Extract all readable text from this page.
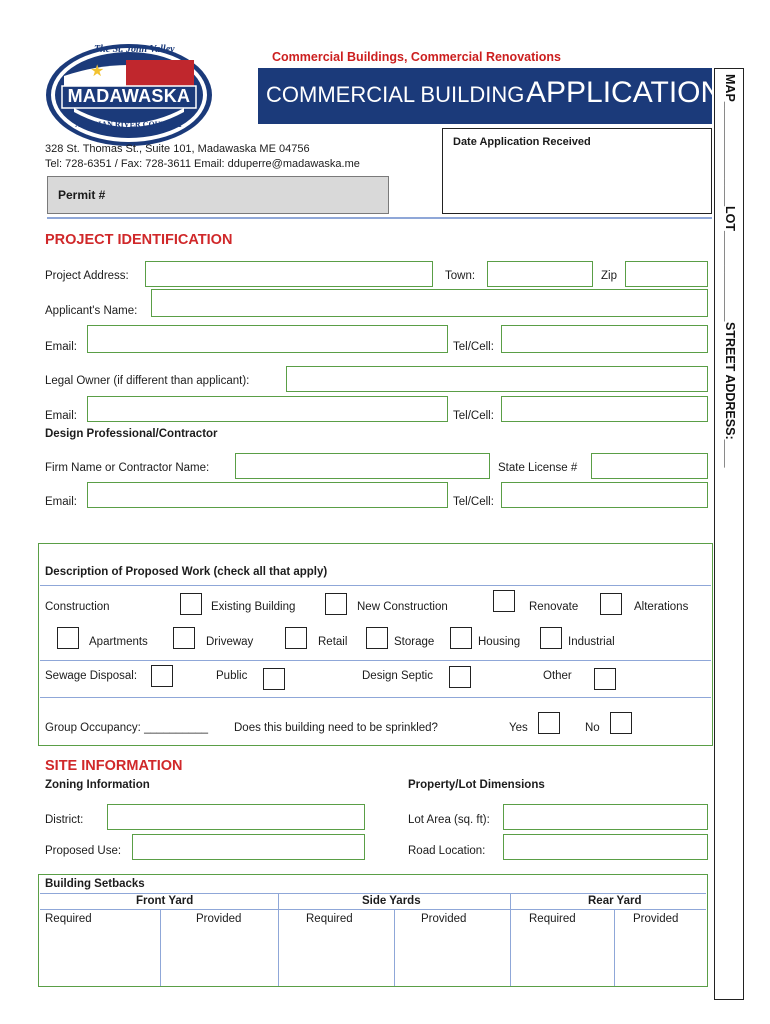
★
The St. John Valley
MADAWASKA
ACADIAN RIVER COUNTRY
Commercial Buildings, Commercial Renovations
COMMERCIAL BUILDING APPLICATION
328 St. Thomas St., Suite 101, Madawaska ME 04756
Tel: 728-6351 / Fax: 728-3611 Email: dduperre@madawaska.me
Date Application Received
Permit #	MAP_______________
LOT_____________
STREET ADDRESS:____
PROJECT IDENTIFICATION
Project Address:	Town:	Zip
Applicant's Name:
Email:	Tel/Cell:
Legal Owner (if different than applicant):
Email:	Tel/Cell:
Design Professional/Contractor
Firm Name or Contractor Name:	State License #
Email:	Tel/Cell:
Description of Proposed Work (check all that apply)
Construction	Existing Building	New Construction	Renovate	Alterations
Apartments	Driveway	Retail	Storage	Housing	Industrial
Sewage Disposal:	Public	Design Septic	Other
Group Occupancy: __________ Does this building need to be sprinkled?	Yes	No
SITE INFORMATION
Zoning Information	Property/Lot Dimensions
District:	Lot Area (sq. ft):
Proposed Use:	Road Location:
Building Setbacks
Front Yard	Side Yards	Rear Yard
Required	Provided	Required	Provided	Required	Provided
